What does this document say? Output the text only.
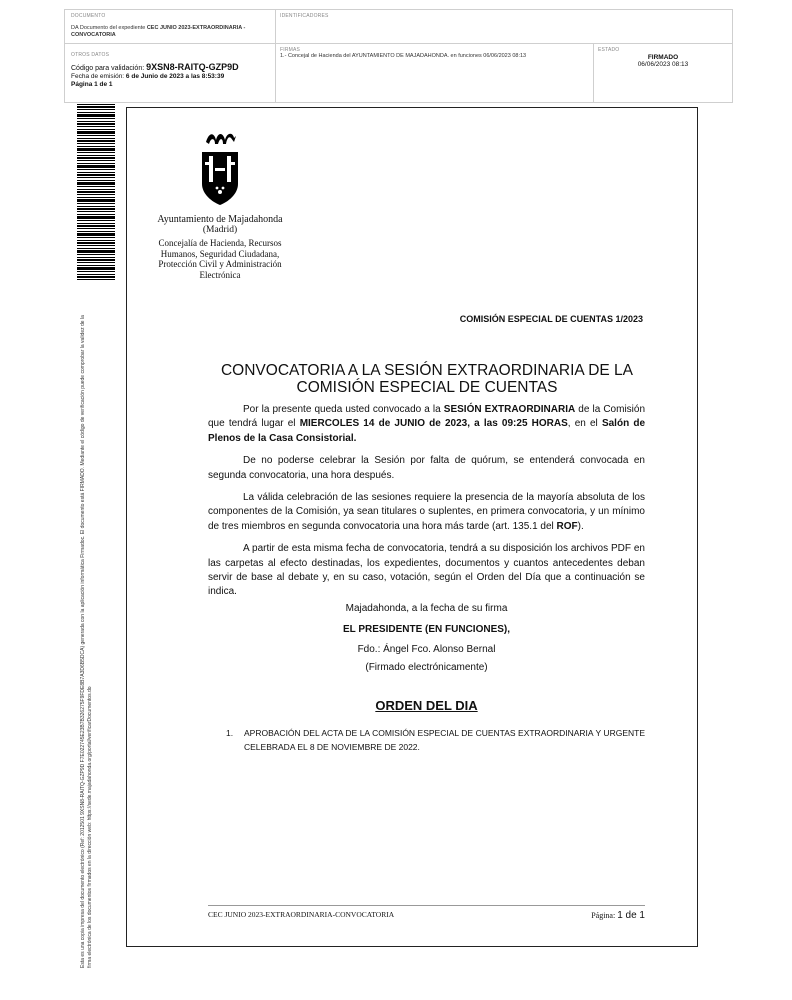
DOCUMENTO
DA Documento del expediente CEC JUNIO 2023-EXTRAORDINARIA -CONVOCATORIA
IDENTIFICADORES
OTROS DATOS
Código para validación: 9XSN8-RAITQ-GZP9D
Fecha de emisión: 6 de Junio de 2023 a las 8:53:39
Página 1 de 1
FIRMAS
1.- Concejal de Hacienda del AYUNTAMIENTO DE MAJADAHONDA. en funciones 06/06/2023 08:13
ESTADO
FIRMADO
06/06/2023 08:13
Esta es una copia impresa del documento electrónico (Ref: 2012501 9XSN8-RAITQ-GZP9D F7E022745E23B7B326275F9FDE8B7A3D6B5DCA) generada con la aplicación informática Firmadoc. El documento está FIRMADO. Mediante el código de verificación puede comprobar la validez de la firma electrónica de los documentos firmados en la dirección web: https://sede.majadahonda.org/portal/verificarDocumentos.do
Ayuntamiento de Majadahonda
(Madrid)
Concejalía de Hacienda, Recursos Humanos, Seguridad Ciudadana, Protección Civil y Administración Electrónica
COMISIÓN ESPECIAL DE CUENTAS 1/2023
CONVOCATORIA A LA SESIÓN EXTRAORDINARIA DE LA
COMISIÓN ESPECIAL DE CUENTAS

Por la presente queda usted convocado a la SESIÓN EXTRAORDINARIA de la Comisión que tendrá lugar el MIERCOLES 14 de JUNIO de 2023, a las 09:25 HORAS, en el Salón de Plenos de la Casa Consistorial.

De no poderse celebrar la Sesión por falta de quórum, se entenderá convocada en segunda convocatoria, una hora después.

La válida celebración de las sesiones requiere la presencia de la mayoría absoluta de los componentes de la Comisión, ya sean titulares o suplentes, en primera convocatoria, y un mínimo de tres miembros en segunda convocatoria una hora más tarde (art. 135.1 del ROF).

A partir de esta misma fecha de convocatoria, tendrá a su disposición los archivos PDF en las carpetas al efecto destinadas, los expedientes, documentos y cuantos antecedentes deban servir de base al debate y, en su caso, votación, según el Orden del Día que a continuación se indica.

Majadahonda, a la fecha de su firma
EL PRESIDENTE (EN FUNCIONES),
Fdo.: Ángel Fco. Alonso Bernal
(Firmado electrónicamente)
ORDEN DEL DIA
1. APROBACIÓN DEL ACTA DE LA COMISIÓN ESPECIAL DE CUENTAS EXTRAORDINARIA Y URGENTE CELEBRADA EL 8 DE NOVIEMBRE DE 2022.
CEC JUNIO 2023-EXTRAORDINARIA-CONVOCATORIA	Página: 1 de 1
